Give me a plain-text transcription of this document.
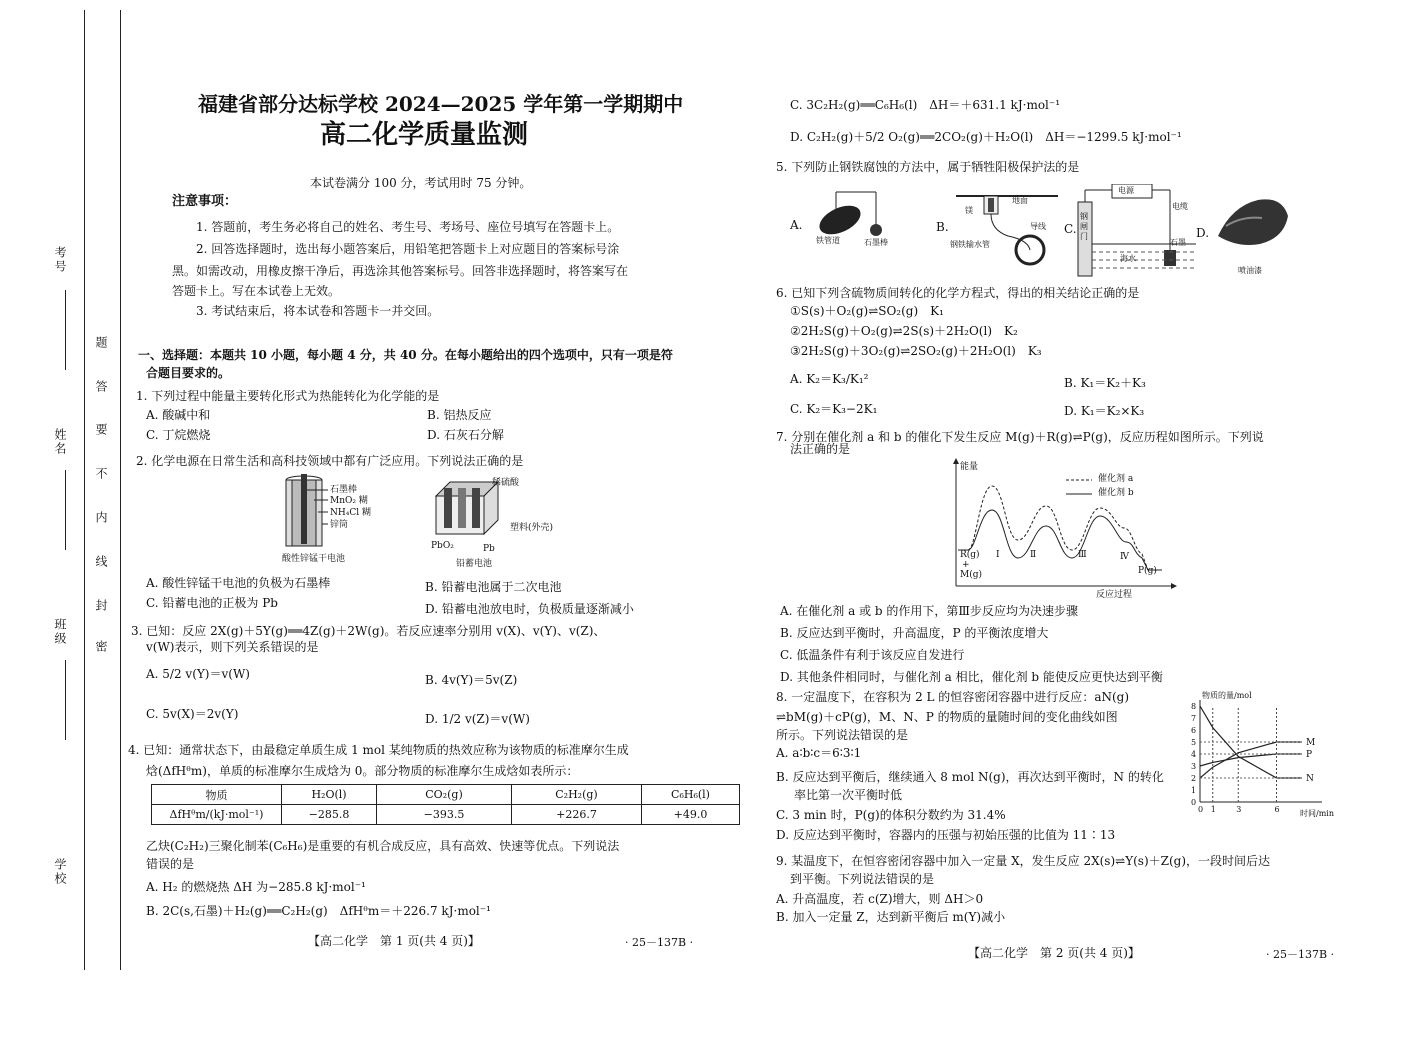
考号
姓名
班级
学校
题
答
要
不
内
线
封
密
福建省部分达标学校 2024—2025 学年第一学期期中
高二化学质量监测
本试卷满分 100 分，考试用时 75 分钟。
注意事项：
1. 答题前，考生务必将自己的姓名、考生号、考场号、座位号填写在答题卡上。
2. 回答选择题时，选出每小题答案后，用铅笔把答题卡上对应题目的答案标号涂
黑。如需改动，用橡皮擦干净后，再选涂其他答案标号。回答非选择题时，将答案写在
答题卡上。写在本试卷上无效。
3. 考试结束后，将本试卷和答题卡一并交回。
一、选择题：本题共 10 小题，每小题 4 分，共 40 分。在每小题给出的四个选项中，只有一项是符
合题目要求的。
1. 下列过程中能量主要转化形式为热能转化为化学能的是
A. 酸碱中和	B. 铝热反应
C. 丁烷燃烧	D. 石灰石分解
2. 化学电源在日常生活和高科技领域中都有广泛应用。下列说法正确的是
石墨棒
MnO₂ 糊
NH₄Cl 糊
锌筒
酸性锌锰干电池
稀硫酸
塑料(外壳)
PbO₂	Pb
铅蓄电池
A. 酸性锌锰干电池的负极为石墨棒	B. 铅蓄电池属于二次电池
C. 铅蓄电池的正极为 Pb	D. 铅蓄电池放电时，负极质量逐渐减小
3. 已知：反应 2X(g)＋5Y(g)══4Z(g)＋2W(g)。若反应速率分别用 v(X)、v(Y)、v(Z)、
v(W)表示，则下列关系错误的是
A. 5/2 v(Y)＝v(W)	B. 4v(Y)＝5v(Z)
C. 5v(X)＝2v(Y)	D. 1/2 v(Z)＝v(W)
4. 已知：通常状态下，由最稳定单质生成 1 mol 某纯物质的热效应称为该物质的标准摩尔生成
焓(ΔfHᶿm)，单质的标准摩尔生成焓为 0。部分物质的标准摩尔生成焓如表所示：
物质	H₂O(l)	CO₂(g)	C₂H₂(g)	C₆H₆(l)
ΔfHᶿm/(kJ·mol⁻¹)	−285.8	−393.5	+226.7	+49.0
乙炔(C₂H₂)三聚化制苯(C₆H₆)是重要的有机合成反应，具有高效、快速等优点。下列说法
错误的是
A. H₂ 的燃烧热 ΔH 为−285.8 kJ·mol⁻¹
B. 2C(s,石墨)＋H₂(g)══C₂H₂(g)　ΔfHᶿm＝＋226.7 kJ·mol⁻¹
【高二化学　第 1 页(共 4 页)】	· 25－137B ·
C. 3C₂H₂(g)══C₆H₆(l)　ΔH＝＋631.1 kJ·mol⁻¹
D. C₂H₂(g)＋5/2 O₂(g)══2CO₂(g)＋H₂O(l)　ΔH＝−1299.5 kJ·mol⁻¹
5. 下列防止钢铁腐蚀的方法中，属于牺牲阳极保护法的是
A.
铁管道	石墨棒
B.
镁
地面
导线
钢铁输水管
C.
电源
电缆
钢闸门
海水
石墨
D.
喷油漆
6. 已知下列含硫物质间转化的化学方程式，得出的相关结论正确的是
①S(s)＋O₂(g)⇌SO₂(g)　K₁
②2H₂S(g)＋O₂(g)⇌2S(s)＋2H₂O(l)　K₂
③2H₂S(g)＋3O₂(g)⇌2SO₂(g)＋2H₂O(l)　K₃
A. K₂＝K₃/K₁²	B. K₁＝K₂＋K₃
C. K₂＝K₃−2K₁	D. K₁＝K₂×K₃
7. 分别在催化剂 a 和 b 的催化下发生反应 M(g)＋R(g)⇌P(g)，反应历程如图所示。下列说
法正确的是
能量
催化剂 a
催化剂 b
Ⅰ	Ⅱ	Ⅲ	Ⅳ
R(g)
+
M(g)	P(g)
反应过程
A. 在催化剂 a 或 b 的作用下，第Ⅲ步反应均为决速步骤
B. 反应达到平衡时，升高温度，P 的平衡浓度增大
C. 低温条件有利于该反应自发进行
D. 其他条件相同时，与催化剂 a 相比，催化剂 b 能使反应更快达到平衡
8. 一定温度下，在容积为 2 L 的恒容密闭容器中进行反应：aN(g)
⇌bM(g)＋cP(g)，M、N、P 的物质的量随时间的变化曲线如图
所示。下列说法错误的是
A. a∶b∶c＝6∶3∶1
B. 反应达到平衡后，继续通入 8 mol N(g)，再次达到平衡时，N 的转化
率比第一次平衡时低
C. 3 min 时，P(g)的体积分数约为 31.4%
D. 反应达到平衡时，容器内的压强与初始压强的比值为 11∶13
物质的量/mol
时间/min
0
1
2
3
4
5
6
7
8
0 1	3	6
M
N
P
9. 某温度下，在恒容密闭容器中加入一定量 X，发生反应 2X(s)⇌Y(s)＋Z(g)，一段时间后达
到平衡。下列说法错误的是
A. 升高温度，若 c(Z)增大，则 ΔH＞0
B. 加入一定量 Z，达到新平衡后 m(Y)减小
【高二化学　第 2 页(共 4 页)】	· 25－137B ·
